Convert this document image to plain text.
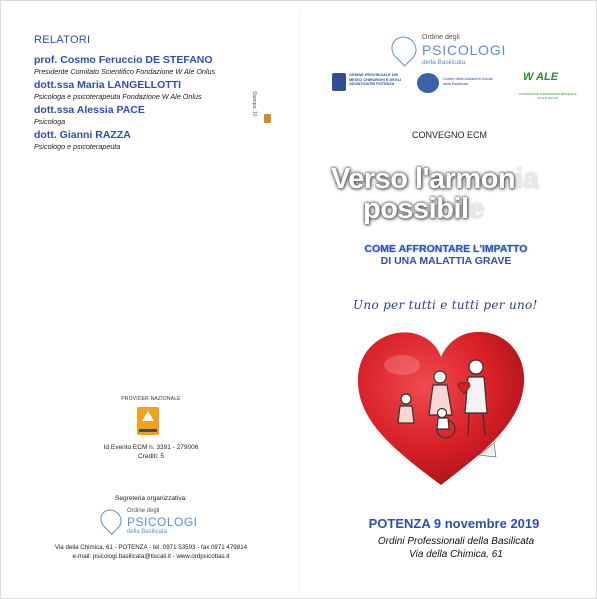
RELATORI
prof. Cosmo Feruccio DE STEFANO
Presidente Comitato Scientifico Fondazione W Ale Onlus
dott.ssa Maria LANGELLOTTI
Psicologa e psicoterapeuta Fondazione W Ale Onlus
dott.ssa Alessia PACE
Psicologa
dott. Gianni RAZZA
Psicologo e psicoterapeuta
Stampa: 10
PROVIDER NAZIONALE
Id Evento ECM n. 3391 - 279006
Crediti: 5
Segreteria organizzativa:
Ordine degli
PSICOLOGI
della Basilicata
Via della Chimica, 61 - POTENZA - tel. 0971 53593 - fax 0971 479814
e-mail: psicologi.basilicata@tiscali.it - www.ordpsicobas.it
Ordine degli
PSICOLOGI
della Basilicata
ORDINE PROVINCIALE DEI MEDICI CHIRURGHI E DEGLI ODONTOIATRI POTENZA
Ordine della Assistenti Sociali della Basilicata
W ALE
FONDAZIONE ALESSANDRO BISCEGLIA W ALE ONLUS
CONVEGNO ECM
Verso l'armonia
possibile
COME AFFRONTARE L'IMPATTO
DI UNA MALATTIA GRAVE
Uno per tutti e tutti per uno!
POTENZA 9 novembre 2019
Ordini Professionali della Basilicata
Via della Chimica, 61
